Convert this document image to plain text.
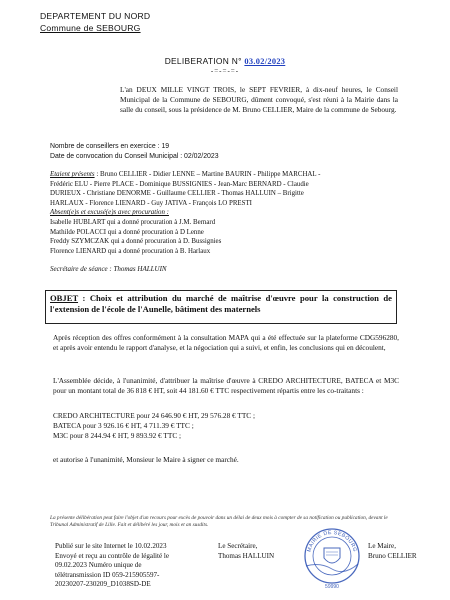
DEPARTEMENT DU NORD
Commune de SEBOURG
DELIBERATION N° 03.02/2023
-=-=-=-
L'an DEUX MILLE VINGT TROIS, le SEPT FEVRIER, à dix-neuf heures, le Conseil Municipal de la Commune de SEBOURG, dûment convoqué, s'est réuni à la Mairie dans la salle du conseil, sous la présidence de M. Bruno CELLIER, Maire de la commune de Sebourg.
Nombre de conseillers en exercice : 19
Date de convocation du Conseil Municipal : 02/02/2023
Etaient présents : Bruno CELLIER - Didier LENNE – Martine BAURIN - Philippe MARCHAL -
Frédéric ELU - Pierre PLACE - Dominique BUSSIGNIES - Jean-Marc BERNARD - Claudie
DURIEUX - Christiane DENORME - Guillaume CELLIER - Thomas HALLUIN – Brigitte
HARLAUX - Florence LIENARD - Guy JATIVA - François LO PRESTI
Absent(e)s et excusé(e)s avec procuration :
Isabelle HUBLART qui a donné procuration à J.M. Bernard
Mathilde POLACCI qui a donné procuration à D Lenne
Freddy SZYMCZAK qui a donné procuration à D. Bussignies
Florence LIENARD qui a donné procuration à B. Harlaux
Secrétaire de séance : Thomas HALLUIN
OBJET : Choix et attribution du marché de maîtrise d'œuvre pour la construction de l'extension de l'école de l'Aunelle, bâtiment des maternels
Après réception des offres conformément à la consultation MAPA qui a été effectuée sur la plateforme CDG596280, et après avoir entendu le rapport d'analyse, et la négociation qui a suivi, et enfin, les conclusions qui en découlent,
L'Assemblée décide, à l'unanimité, d'attribuer la maîtrise d'œuvre à CREDO ARCHITECTURE, BATECA et M3C pour un montant total de 36 818 € HT, soit 44 181.60 € TTC respectivement répartis entre les co-traitants :
CREDO ARCHITECTURE pour 24 646.90 € HT, 29 576.28 € TTC ;
BATECA pour 3 926.16 € HT, 4 711.39 € TTC ;
M3C pour 8 244.94 € HT, 9 893.92 € TTC ;
et autorise à l'unanimité, Monsieur le Maire à signer ce marché.
La présente délibération peut faire l'objet d'un recours pour excès de pouvoir dans un délai de deux mois à compter de sa notification ou publication, devant le Tribunal Administratif de Lille. Fait et délibéré les jour, mois et an susdits.
Publié sur le site Internet le 10.02.2023
Envoyé et reçu au contrôle de légalité le
09.02.2023 Numéro unique de
télétransmission ID 059-215905597-
20230207-230209_D1038SD-DE
Le Secrétaire,
Thomas HALLUIN
MAIRIE DE SEBOURG
59990
Le Maire,
Bruno CELLIER
